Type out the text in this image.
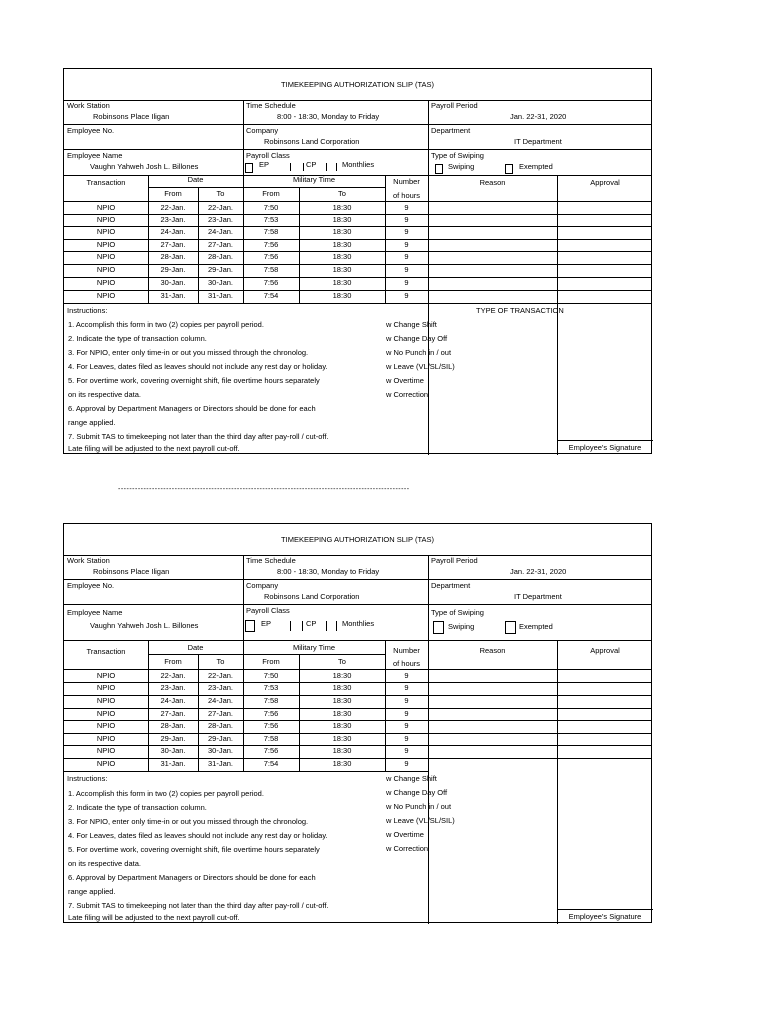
TIMEKEEPING AUTHORIZATION SLIP (TAS)
Work Station
Robinsons Place Iligan
Time Schedule
8:00 - 18:30, Monday to Friday
Payroll Period
Jan. 22-31, 2020
Employee No.	Company
Robinsons Land Corporation
Department
IT Department
Employee Name
Vaughn Yahweh Josh L. Billones
Payroll Class
EP	CP	Monthlies
Type of Swiping
Swiping	Exempted
Transaction	Date	Military Time	Number
of hours
Reason	Approval
From	To	From	To
NPIO	22-Jan.	22-Jan.	7:50	18:30	9
NPIO	23-Jan.	23-Jan.	7:53	18:30	9
NPIO	24-Jan.	24-Jan.	7:58	18:30	9
NPIO	27-Jan.	27-Jan.	7:56	18:30	9
NPIO	28-Jan.	28-Jan.	7:56	18:30	9
NPIO	29-Jan.	29-Jan.	7:58	18:30	9
NPIO	30-Jan.	30-Jan.	7:56	18:30	9
NPIO	31-Jan.	31-Jan.	7:54	18:30	9
Instructions:
1. Accomplish this form in two (2) copies per payroll period.
2. Indicate the type of transaction column.
3. For NPIO, enter only time-in or out you missed through the chronolog.
4. For Leaves, dates filed as leaves should not include any rest day or holiday.
5. For overtime work, covering overnight shift, file overtime hours separately
on its respective data.
6. Approval by Department Managers or Directors should be done for each
range applied.
7. Submit TAS to timekeeping not later than the third day after pay-roll / cut-off.
Late filing will be adjusted to the next payroll cut-off.
TYPE OF TRANSACTION
w Change Shift
w Change Day Off
w No Punch in / out
w Leave (VL/SL/SIL)
w Overtime
w Correction
Employee's Signature
-------------------------------------------------------------------------------------------------------
TIMEKEEPING AUTHORIZATION SLIP (TAS)
Work Station
Robinsons Place Iligan
Time Schedule
8:00 - 18:30, Monday to Friday
Payroll Period
Jan. 22-31, 2020
Employee No.	Company
Robinsons Land Corporation
Department
IT Department
Employee Name
Vaughn Yahweh Josh L. Billones
Payroll Class
EP	CP	Monthlies
Type of Swiping
Swiping	Exempted
Transaction	Date	Military Time	Number
of hours
Reason	Approval
From	To	From	To
NPIO	22-Jan.	22-Jan.	7:50	18:30	9
NPIO	23-Jan.	23-Jan.	7:53	18:30	9
NPIO	24-Jan.	24-Jan.	7:58	18:30	9
NPIO	27-Jan.	27-Jan.	7:56	18:30	9
NPIO	28-Jan.	28-Jan.	7:56	18:30	9
NPIO	29-Jan.	29-Jan.	7:58	18:30	9
NPIO	30-Jan.	30-Jan.	7:56	18:30	9
NPIO	31-Jan.	31-Jan.	7:54	18:30	9
Instructions:
1. Accomplish this form in two (2) copies per payroll period.
2. Indicate the type of transaction column.
3. For NPIO, enter only time-in or out you missed through the chronolog.
4. For Leaves, dates filed as leaves should not include any rest day or holiday.
5. For overtime work, covering overnight shift, file overtime hours separately
on its respective data.
6. Approval by Department Managers or Directors should be done for each
range applied.
7. Submit TAS to timekeeping not later than the third day after pay-roll / cut-off.
Late filing will be adjusted to the next payroll cut-off.
w Change Shift
w Change Day Off
w No Punch in / out
w Leave (VL/SL/SIL)
w Overtime
w Correction
Employee's Signature
